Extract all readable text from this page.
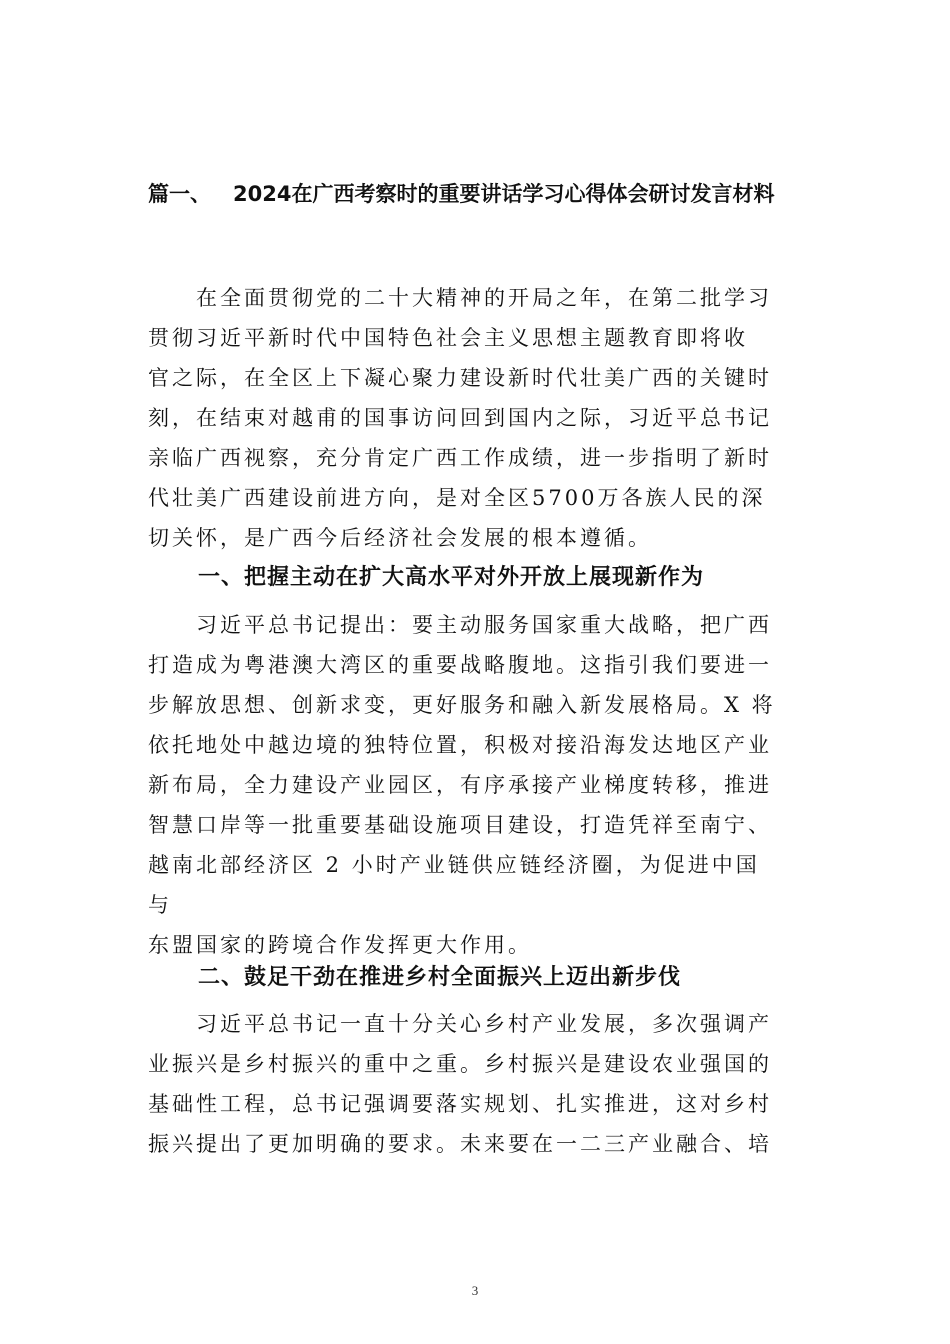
篇一、 2024在广西考察时的重要讲话学习心得体会研讨发言材料
　　在全面贯彻党的二十大精神的开局之年，在第二批学习
贯彻习近平新时代中国特色社会主义思想主题教育即将收
官之际，在全区上下凝心聚力建设新时代壮美广西的关键时
刻，在结束对越甫的国事访问回到国内之际，习近平总书记
亲临广西视察，充分肯定广西工作成绩，进一步指明了新时
代壮美广西建设前进方向，是对全区5700万各族人民的深
切关怀，是广西今后经济社会发展的根本遵循。
一、把握主动在扩大高水平对外开放上展现新作为
　　习近平总书记提出：要主动服务国家重大战略，把广西
打造成为粤港澳大湾区的重要战略腹地。这指引我们要进一
步解放思想、创新求变，更好服务和融入新发展格局。X 将
依托地处中越边境的独特位置，积极对接沿海发达地区产业
新布局，全力建设产业园区，有序承接产业梯度转移，推进
智慧口岸等一批重要基础设施项目建设，打造凭祥至南宁、
越南北部经济区 2 小时产业链供应链经济圈，为促进中国
与
东盟国家的跨境合作发挥更大作用。
二、鼓足干劲在推进乡村全面振兴上迈出新步伐
　　习近平总书记一直十分关心乡村产业发展，多次强调产
业振兴是乡村振兴的重中之重。乡村振兴是建设农业强国的
基础性工程，总书记强调要落实规划、扎实推进，这对乡村
振兴提出了更加明确的要求。未来要在一二三产业融合、培
3
